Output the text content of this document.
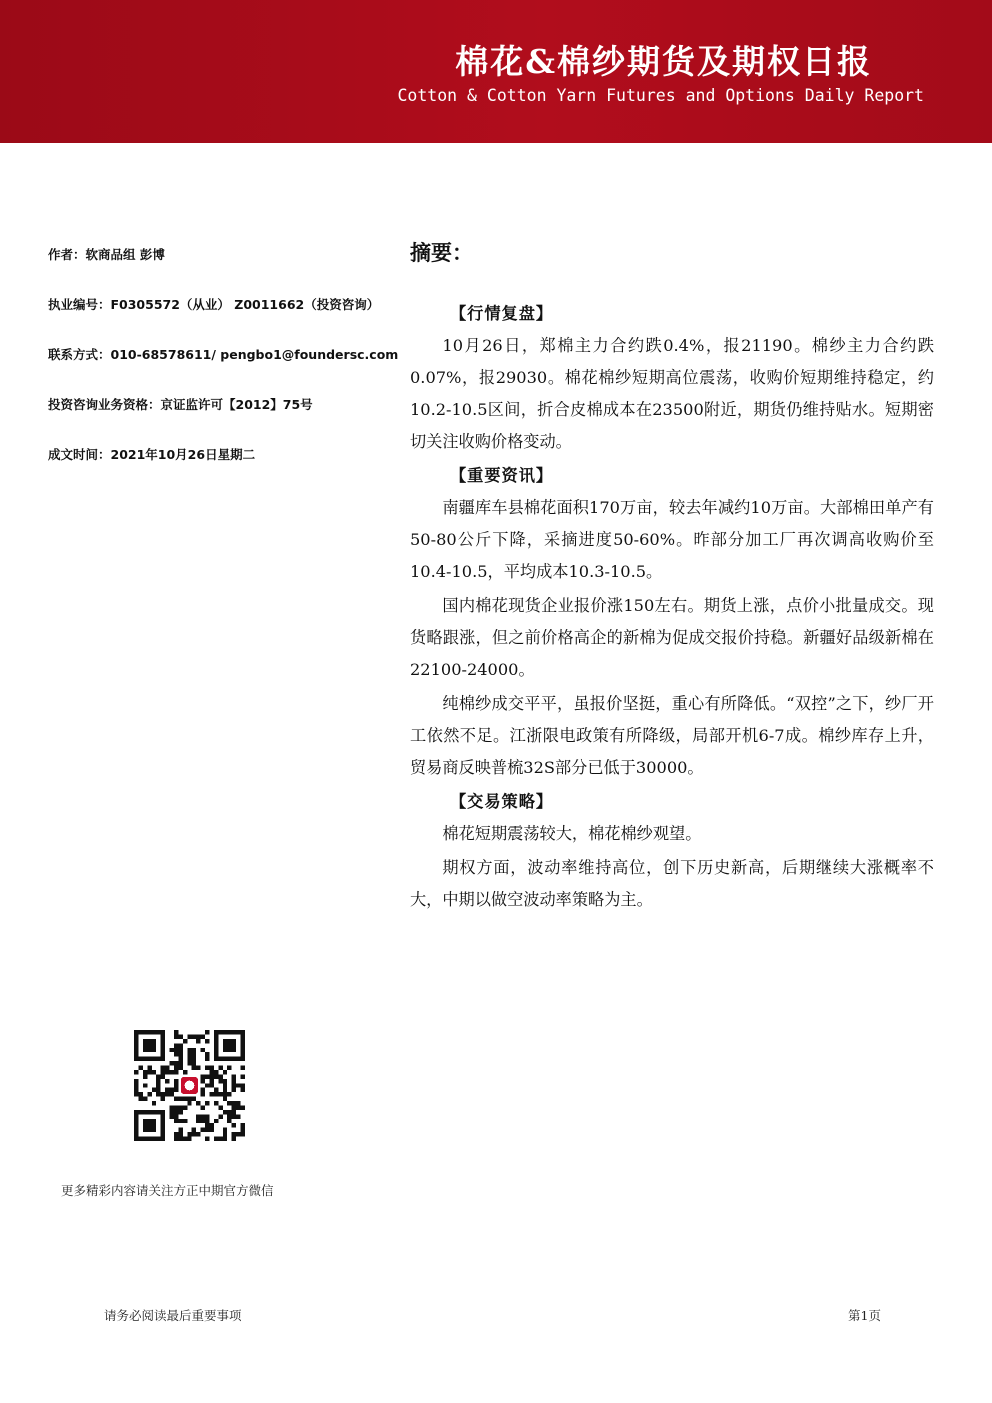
棉花&棉纱期货及期权日报
Cotton & Cotton Yarn Futures and Options Daily Report
作者：软商品组 彭博
执业编号：F0305572（从业） Z0011662（投资咨询）
联系方式：010-68578611/ pengbo1@foundersc.com
投资咨询业务资格：京证监许可【2012】75号
成文时间：2021年10月26日星期二
更多精彩内容请关注方正中期官方微信
摘要：
【行情复盘】

10月26日，郑棉主力合约跌0.4%，报21190。棉纱主力合约跌0.07%，报29030。棉花棉纱短期高位震荡，收购价短期维持稳定，约10.2-10.5区间，折合皮棉成本在23500附近，期货仍维持贴水。短期密切关注收购价格变动。

【重要资讯】

南疆库车县棉花面积170万亩，较去年减约10万亩。大部棉田单产有50-80公斤下降，采摘进度50-60%。昨部分加工厂再次调高收购价至10.4-10.5，平均成本10.3-10.5。

国内棉花现货企业报价涨150左右。期货上涨，点价小批量成交。现货略跟涨，但之前价格高企的新棉为促成交报价持稳。新疆好品级新棉在22100-24000。

纯棉纱成交平平，虽报价坚挺，重心有所降低。“双控”之下，纱厂开工依然不足。江浙限电政策有所降级，局部开机6-7成。棉纱库存上升，贸易商反映普梳32S部分已低于30000。

【交易策略】

棉花短期震荡较大，棉花棉纱观望。

期权方面，波动率维持高位，创下历史新高，后期继续大涨概率不大，中期以做空波动率策略为主。

请务必阅读最后重要事项	第1页
